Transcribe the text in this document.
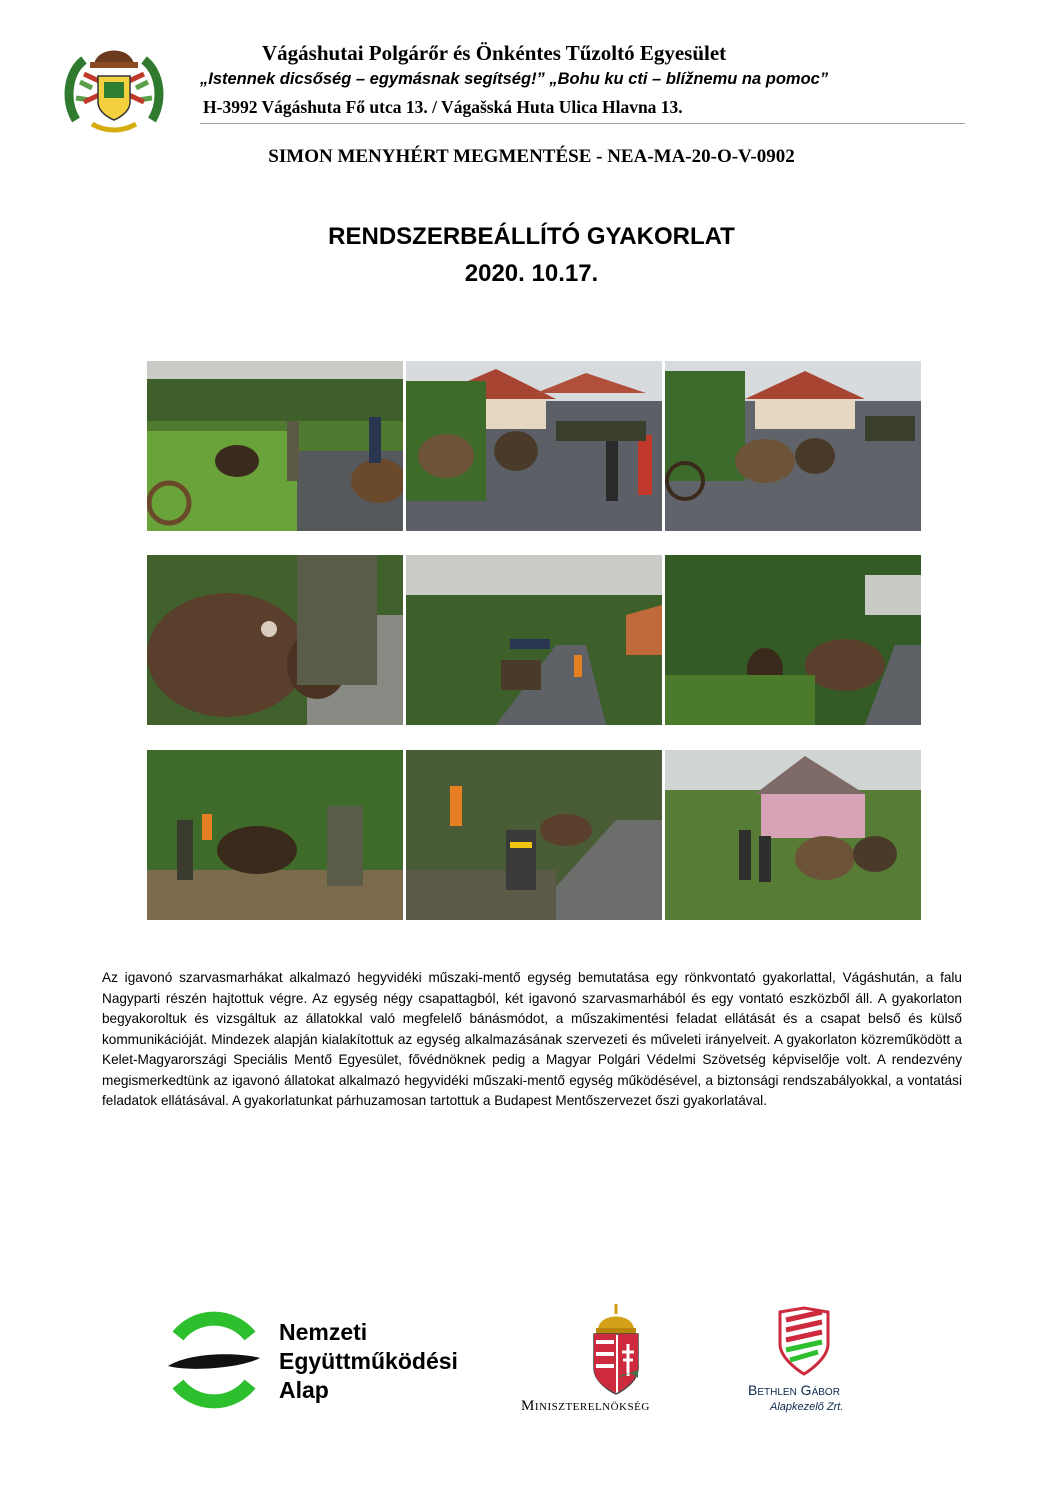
Vágáshutai Polgárőr és Önkéntes Tűzoltó Egyesület
„Istennek dicsőség – egymásnak segítség!” „Bohu ku cti – blížnemu na pomoc”
H-3992 Vágáshuta Fő utca 13. / Vágašská Huta Ulica Hlavna 13.
SIMON MENYHÉRT MEGMENTÉSE - NEA-MA-20-O-V-0902
RENDSZERBEÁLLÍTÓ GYAKORLAT
2020. 10.17.
Az igavonó szarvasmarhákat alkalmazó hegyvidéki műszaki-mentő egység bemutatása egy rönkvontató gyakorlattal, Vágáshután, a falu Nagyparti részén hajtottuk végre. Az egység négy csapattagból, két igavonó szarvasmarhából és egy vontató eszközből áll. A gyakorlaton begyakoroltuk és vizsgáltuk az állatokkal való megfelelő bánásmódot, a műszakimentési feladat ellátását és a csapat belső és külső kommunikációját. Mindezek alapján kialakítottuk az egység alkalmazásának szervezeti és műveleti irányelveit. A gyakorlaton közreműködött a Kelet-Magyarországi Speciális Mentő Egyesület, fővédnöknek pedig a Magyar Polgári Védelmi Szövetség képviselője volt. A rendezvény megismerkedtünk az igavonó állatokat alkalmazó hegyvidéki műszaki-mentő egység működésével, a biztonsági rendszabályokkal, a vontatási feladatok ellátásával. A gyakorlatunkat párhuzamosan tartottuk a Budapest Mentőszervezet őszi gyakorlatával.
Nemzeti
Együttműködési
Alap
Miniszterelnökség
Bethlen Gábor
Alapkezelő Zrt.
